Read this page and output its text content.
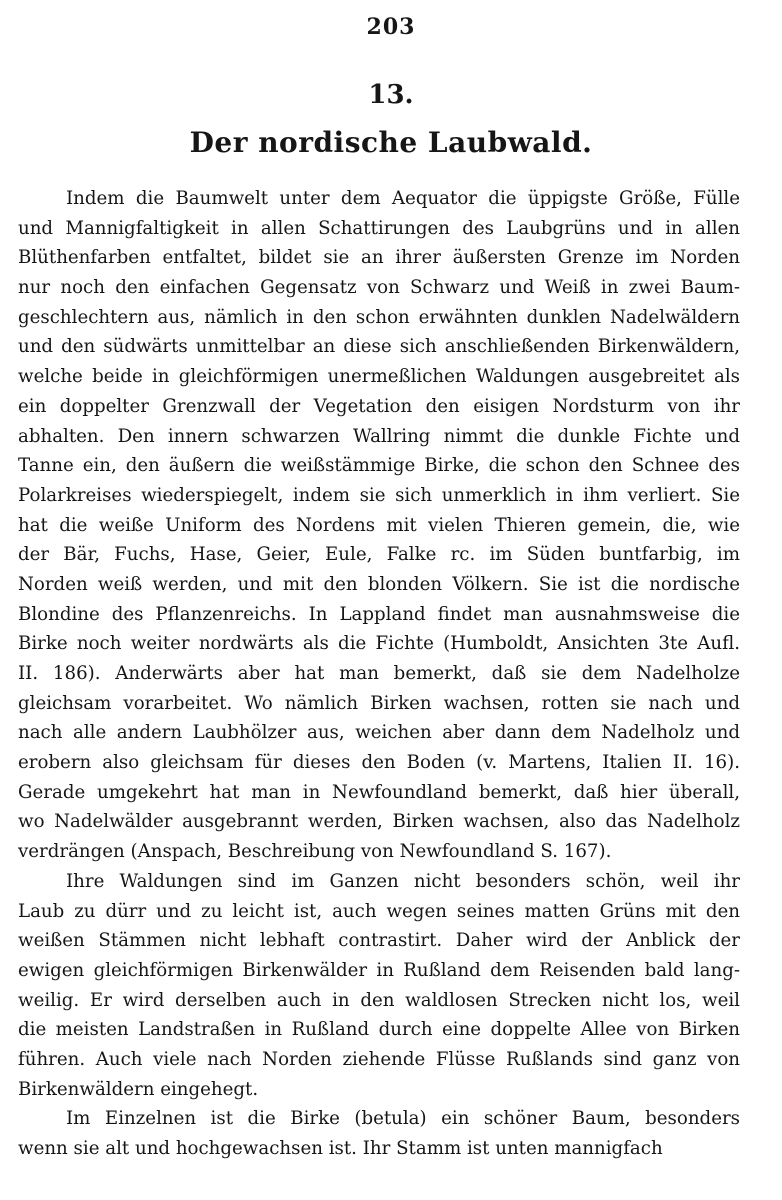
203
13.
Der nordische Laubwald.
Indem die Baumwelt unter dem Aequator die üppigste Größe, Fülle
und Mannigfaltigkeit in allen Schattirungen des Laubgrüns und in allen
Blüthenfarben entfaltet, bildet sie an ihrer äußersten Grenze im Norden
nur noch den einfachen Gegensatz von Schwarz und Weiß in zwei Baum-
geschlechtern aus, nämlich in den schon erwähnten dunklen Nadelwäldern
und den südwärts unmittelbar an diese sich anschließenden Birkenwäldern,
welche beide in gleichförmigen unermeßlichen Waldungen ausgebreitet als
ein doppelter Grenzwall der Vegetation den eisigen Nordsturm von ihr
abhalten. Den innern schwarzen Wallring nimmt die dunkle Fichte und
Tanne ein, den äußern die weißstämmige Birke, die schon den Schnee des
Polarkreises wiederspiegelt, indem sie sich unmerklich in ihm verliert. Sie
hat die weiße Uniform des Nordens mit vielen Thieren gemein, die, wie
der Bär, Fuchs, Hase, Geier, Eule, Falke rc. im Süden buntfarbig, im
Norden weiß werden, und mit den blonden Völkern. Sie ist die nordische
Blondine des Pflanzenreichs. In Lappland findet man ausnahmsweise die
Birke noch weiter nordwärts als die Fichte (Humboldt, Ansichten 3te Aufl.
II. 186). Anderwärts aber hat man bemerkt, daß sie dem Nadelholze
gleichsam vorarbeitet. Wo nämlich Birken wachsen, rotten sie nach und
nach alle andern Laubhölzer aus, weichen aber dann dem Nadelholz und
erobern also gleichsam für dieses den Boden (v. Martens, Italien II. 16).
Gerade umgekehrt hat man in Newfoundland bemerkt, daß hier überall,
wo Nadelwälder ausgebrannt werden, Birken wachsen, also das Nadelholz
verdrängen (Anspach, Beschreibung von Newfoundland S. 167).
Ihre Waldungen sind im Ganzen nicht besonders schön, weil ihr
Laub zu dürr und zu leicht ist, auch wegen seines matten Grüns mit den
weißen Stämmen nicht lebhaft contrastirt. Daher wird der Anblick der
ewigen gleichförmigen Birkenwälder in Rußland dem Reisenden bald lang-
weilig. Er wird derselben auch in den waldlosen Strecken nicht los, weil
die meisten Landstraßen in Rußland durch eine doppelte Allee von Birken
führen. Auch viele nach Norden ziehende Flüsse Rußlands sind ganz von
Birkenwäldern eingehegt.
Im Einzelnen ist die Birke (betula) ein schöner Baum, besonders
wenn sie alt und hochgewachsen ist. Ihr Stamm ist unten mannigfach
